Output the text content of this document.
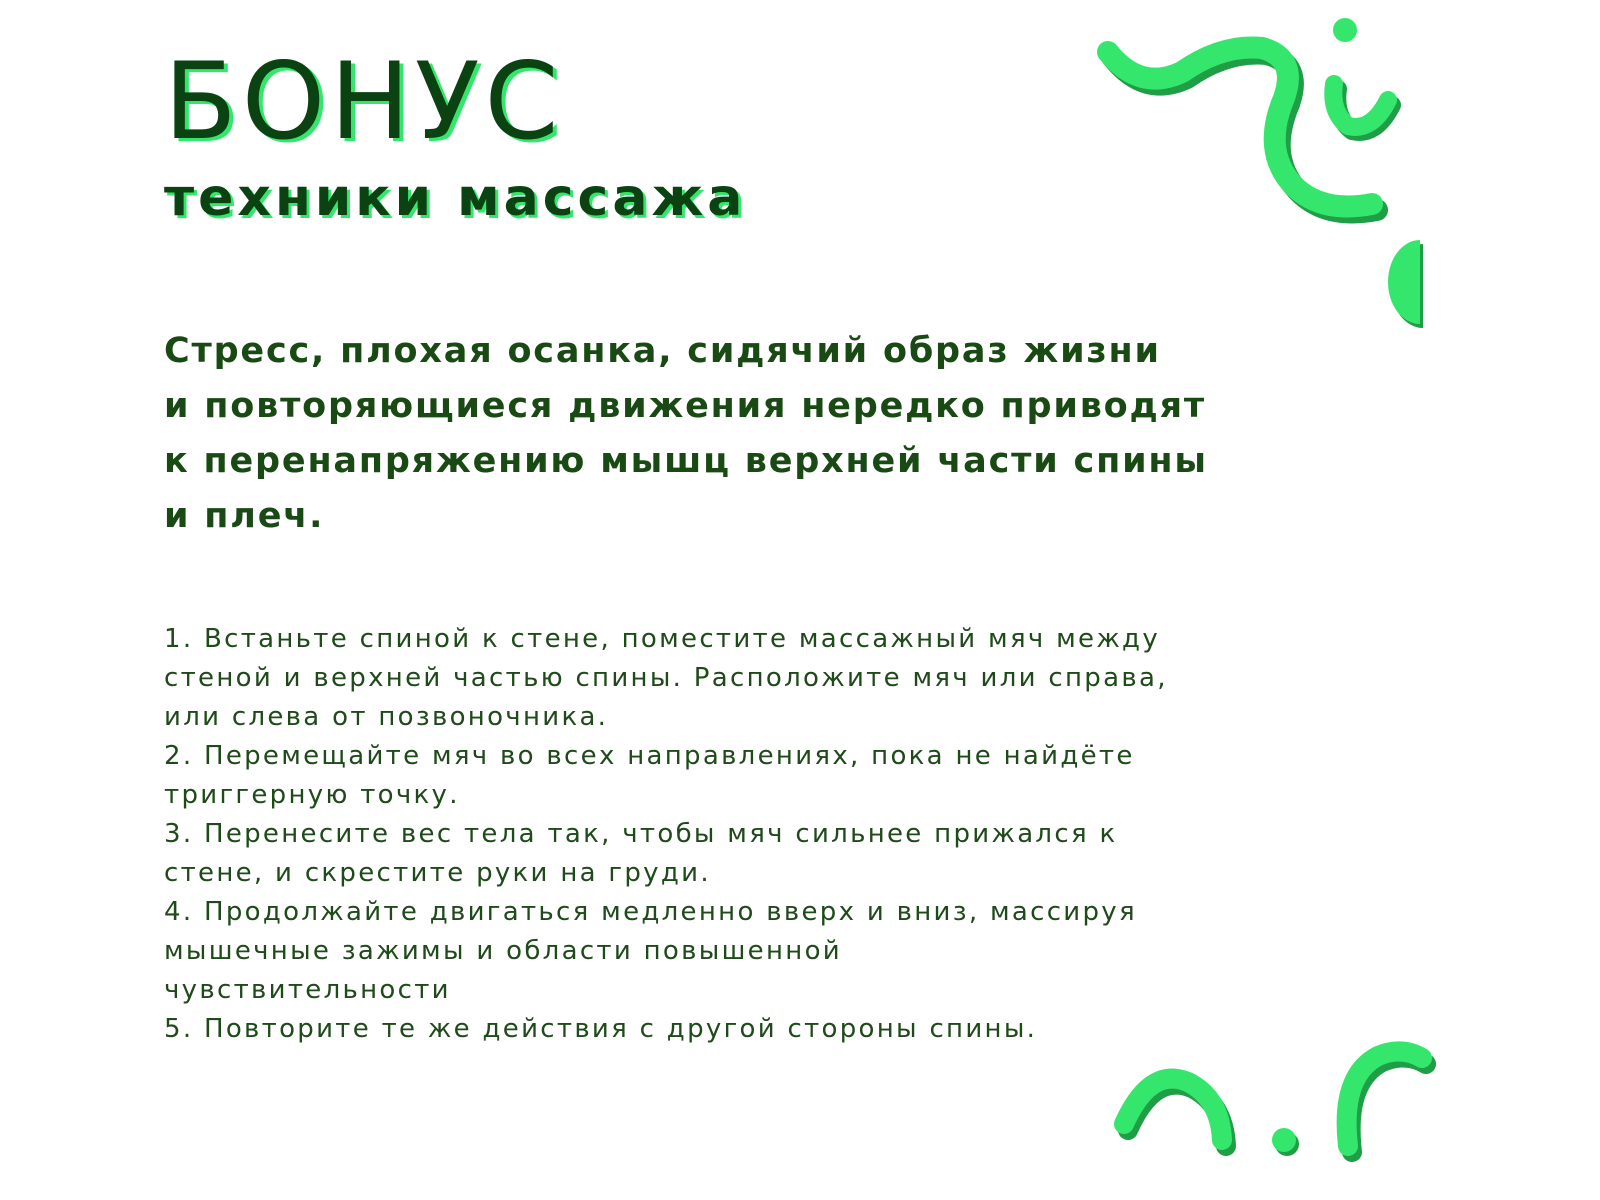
БОНУС
техники массажа

Стресс, плохая осанка, сидячий образ жизни
и повторяющиеся движения нередко приводят
к перенапряжению мышц верхней части спины
и плеч.

1. Встаньте спиной к стене, поместите массажный мяч между
стеной и верхней частью спины. Расположите мяч или справа,
или слева от позвоночника.
2. Перемещайте мяч во всех направлениях, пока не найдёте
триггерную точку.
3. Перенесите вес тела так, чтобы мяч сильнее прижался к
стене, и скрестите руки на груди.
4. Продолжайте двигаться медленно вверх и вниз, массируя
мышечные зажимы и области повышенной
чувствительности
5. Повторите те же действия с другой стороны спины.
